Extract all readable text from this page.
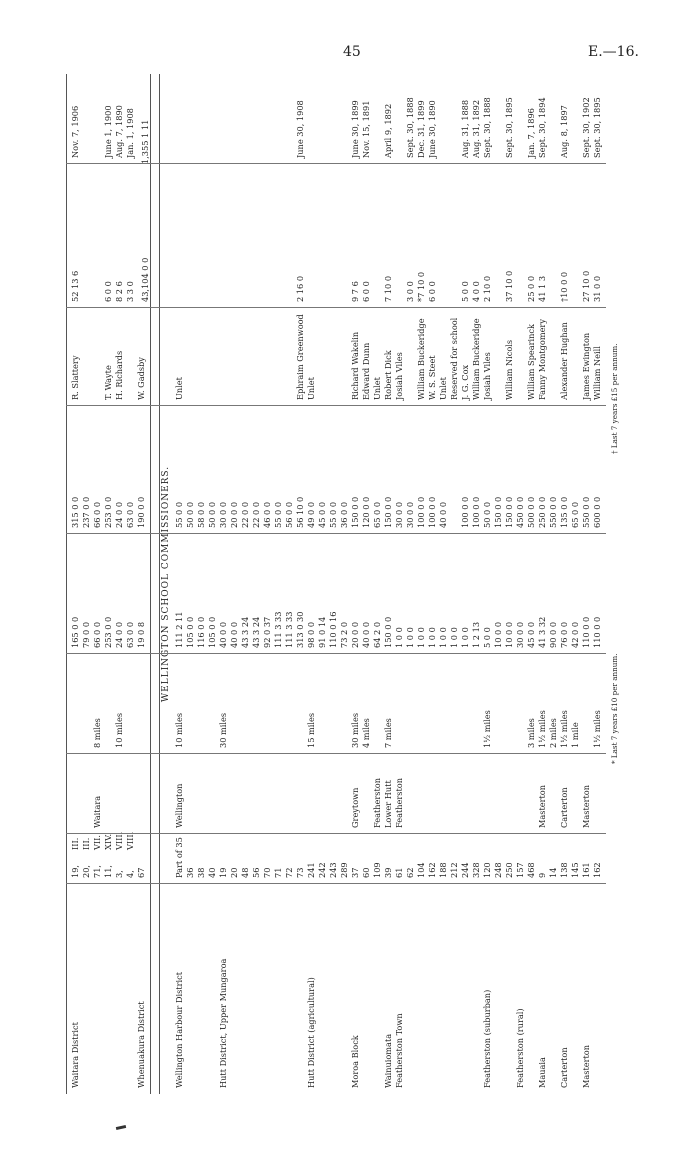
45	E.—16.
Waitara District
19,
III.
165 0 0
315 0 0
R. Slattery
52 13 6
Nov. 7, 1906
20,
III.
79 0 0
237 0 0
71,
VII.
Waitara
8 miles
66 0 0
66 0 0
11,
XIV.
253 0 0
253 0 0
T. Wayte
6 0 0
June 1, 1900
3,
VIII.
10 miles
24 0 0
24 0 0
H. Richards
8 2 6
Aug. 7, 1890
4,
VIII.
63 0 0
63 0 0
3 3 0
Jan. 1, 1908
Whenuakura District
67
19 0 8
190 0 0
W. Gadsby
43,104 0 0
1,355 1 11
WELLINGTON SCHOOL COMMISSIONERS.
Wellington Harbour District
Part of 35
Wellington
10 miles
111 2 11
55 0 0
Unlet
36
105 0 0
50 0 0
38
116 0 0
58 0 0
40
105 0 0
50 0 0
Hutt District, Upper Mungaroa
19
30 miles
40 0 0
30 0 0
20
40 0 0
20 0 0
48
43 3 24
22 0 0
56
43 3 24
22 0 0
70
92 0 37
46 0 0
71
111 3 33
55 0 0
72
111 3 33
56 0 0
73
313 0 30
56 10 0
Ephraim Greenwood
2 16 0
June 30, 1908
Hutt District (agricultural)
241
15 miles
98 0 0
49 0 0
Unlet
242
91 0 14
45 0 0
243
110 0 16
55 0 0
289
73 2 0
36 0 0
Moroa Block
37
Greytown
30 miles
20 0 0
150 0 0
Richard Wakelin
9 7 6
June 30, 1899
60
4 miles
40 0 0
120 0 0
Edward Dunn
6 0 0
Nov. 15, 1891
109
Featherston
64 2 0
65 0 0
Unlet
Wainuiomata
39
Lower Hutt
7 miles
150 0 0
150 0 0
Robert Dick
7 10 0
April 9, 1892
Featherston Town
61
Featherston
1 0 0
30 0 0
Josiah Viles
62
1 0 0
30 0 0
3 0 0
Sept. 30, 1888
104
1 0 0
100 0 0
William Buckeridge
*7 10 0
Dec. 31, 1899
162
1 0 0
100 0 0
W. S. Steet
6 0 0
June 30, 1890
188
1 0 0
40 0 0
Unlet
212
1 0 0
Reserved for school
244
1 0 0
100 0 0
J. G. Cox
5 0 0
Aug. 31, 1888
328
1 2 13
100 0 0
William Buckeridge
4 0 0
Aug. 31, 1892
Featherston (suburban)
120
1½ miles
5 0 0
50 0 0
Josiah Viles
2 10 0
Sept. 30, 1888
248
10 0 0
150 0 0
250
10 0 0
150 0 0
William Nicols
37 10 0
Sept. 30, 1895
Featherston (rural)
157
30 0 0
450 0 0
468
3 miles
45 0 0
500 0 0
William Spearinck
25 0 0
Jan. 7, 1896
Mauaia
9
Masterton
1½ miles
41 3 32
250 0 0
Fanny Montgomery
41 1 3
Sept. 30, 1894
14
2 miles
90 0 0
550 0 0
Carterton
138
Carterton
1½ miles
76 0 0
135 0 0
Alexander Hughan
†10 0 0
Aug. 8, 1897
145
1 mile
42 0 0
65 0 0
Masterton
161
Masterton
110 0 0
550 0 0
James Ewington
27 10 0
Sept. 30, 1902
162
1½ miles
110 0 0
600 0 0
William Neill
31 0 0
Sept. 30, 1895
* Last 7 years £10 per annum.
† Last 7 years £15 per annum.
